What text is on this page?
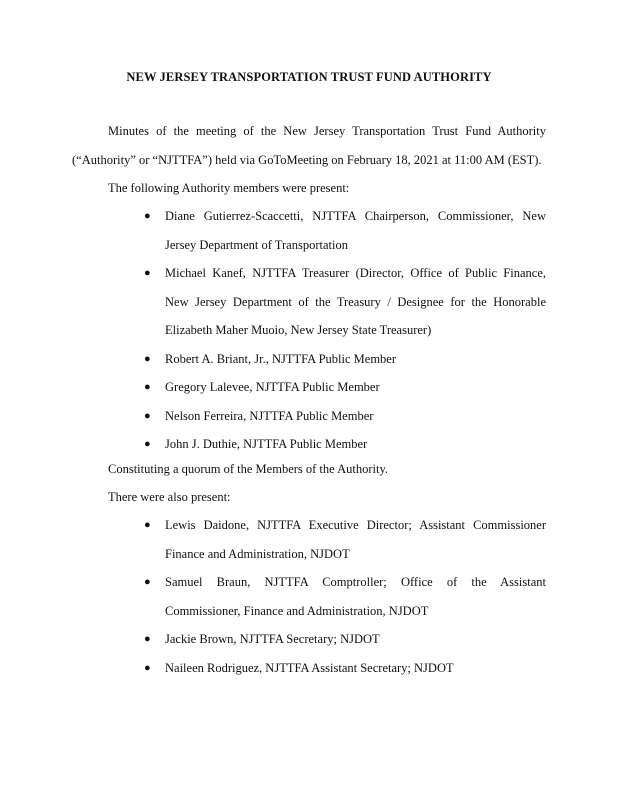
NEW JERSEY TRANSPORTATION TRUST FUND AUTHORITY
Minutes of the meeting of the New Jersey Transportation Trust Fund Authority (“Authority” or “NJTTFA”) held via GoToMeeting on February 18, 2021 at 11:00 AM (EST).
The following Authority members were present:
● Diane Gutierrez-Scaccetti, NJTTFA Chairperson, Commissioner, New Jersey Department of Transportation
● Michael Kanef, NJTTFA Treasurer (Director, Office of Public Finance, New Jersey Department of the Treasury / Designee for the Honorable Elizabeth Maher Muoio, New Jersey State Treasurer)
● Robert A. Briant, Jr., NJTTFA Public Member
● Gregory Lalevee, NJTTFA Public Member
● Nelson Ferreira, NJTTFA Public Member
● John J. Duthie, NJTTFA Public Member
Constituting a quorum of the Members of the Authority.
There were also present:
● Lewis Daidone, NJTTFA Executive Director; Assistant Commissioner Finance and Administration, NJDOT
● Samuel Braun, NJTTFA Comptroller; Office of the Assistant Commissioner, Finance and Administration, NJDOT
● Jackie Brown, NJTTFA Secretary; NJDOT
● Naileen Rodriguez, NJTTFA Assistant Secretary; NJDOT
